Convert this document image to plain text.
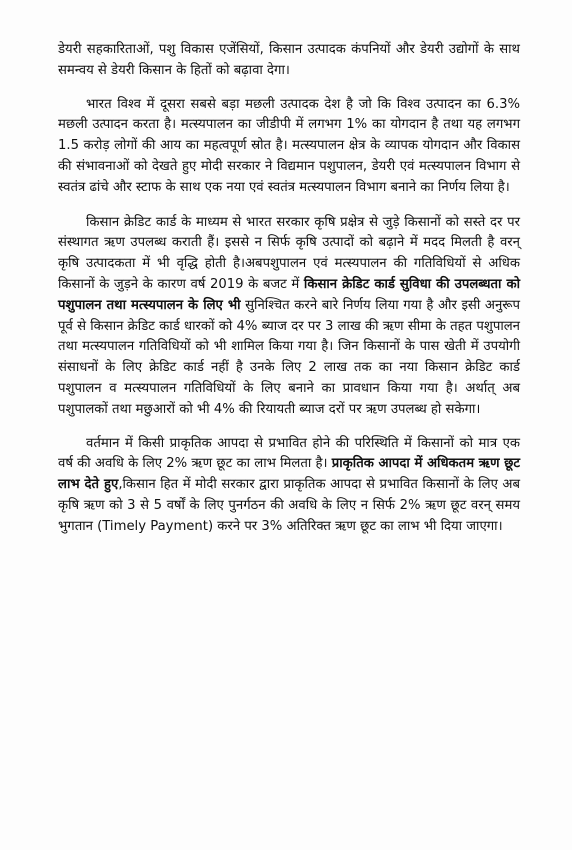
डेयरी सहकारिताओं, पशु विकास एजेंसियों, किसान उत्पादक कंपनियों और डेयरी उद्योगों के साथ समन्वय से डेयरी किसान के हितों को बढ़ावा देगा।

भारत विश्व में दूसरा सबसे बड़ा मछली उत्पादक देश है जो कि विश्व उत्पादन का 6.3% मछली उत्पादन करता है। मत्स्यपालन का जीडीपी में लगभग 1% का योगदान है तथा यह लगभग 1.5 करोड़ लोगों की आय का महत्वपूर्ण स्रोत है। मत्स्यपालन क्षेत्र के व्यापक योगदान और विकास की संभावनाओं को देखते हुए मोदी सरकार ने विद्यमान पशुपालन, डेयरी एवं मत्स्यपालन विभाग से स्वतंत्र ढांचे और स्टाफ के साथ एक नया एवं स्वतंत्र मत्स्यपालन विभाग बनाने का निर्णय लिया है।

किसान क्रेडिट कार्ड के माध्यम से भारत सरकार कृषि प्रक्षेत्र से जुड़े किसानों को सस्ते दर पर संस्थागत ऋण उपलब्ध कराती हैं। इससे न सिर्फ कृषि उत्पादों को बढ़ाने में मदद मिलती है वरन् कृषि उत्पादकता में भी वृद्धि होती है।अबपशुपालन एवं मत्स्यपालन की गतिविधियों से अधिक किसानों के जुड़ने के कारण वर्ष 2019 के बजट में किसान क्रेडिट कार्ड सुविधा की उपलब्धता को पशुपालन तथा मत्स्यपालन के लिए भी सुनिश्चित करने बारे निर्णय लिया गया है और इसी अनुरूप पूर्व से किसान क्रेडिट कार्ड धारकों को 4% ब्याज दर पर 3 लाख की ऋण सीमा के तहत पशुपालन तथा मत्स्यपालन गतिविधियों को भी शामिल किया गया है। जिन किसानों के पास खेती में उपयोगी संसाधनों के लिए क्रेडिट कार्ड नहीं है उनके लिए 2 लाख तक का नया किसान क्रेडिट कार्ड पशुपालन व मत्स्यपालन गतिविधियों के लिए बनाने का प्रावधान किया गया है। अर्थात् अब पशुपालकों तथा मछुआरों को भी 4% की रियायती ब्याज दरों पर ऋण उपलब्ध हो सकेगा।

वर्तमान में किसी प्राकृतिक आपदा से प्रभावित होने की परिस्थिति में किसानों को मात्र एक वर्ष की अवधि के लिए 2% ऋण छूट का लाभ मिलता है। प्राकृतिक आपदा में अधिकतम ऋण छूट लाभ देते हुए,किसान हित में मोदी सरकार द्वारा प्राकृतिक आपदा से प्रभावित किसानों के लिए अब कृषि ऋण को 3 से 5 वर्षों के लिए पुनर्गठन की अवधि के लिए न सिर्फ 2% ऋण छूट वरन् समय भुगतान (Timely Payment) करने पर 3% अतिरिक्त ऋण छूट का लाभ भी दिया जाएगा।
